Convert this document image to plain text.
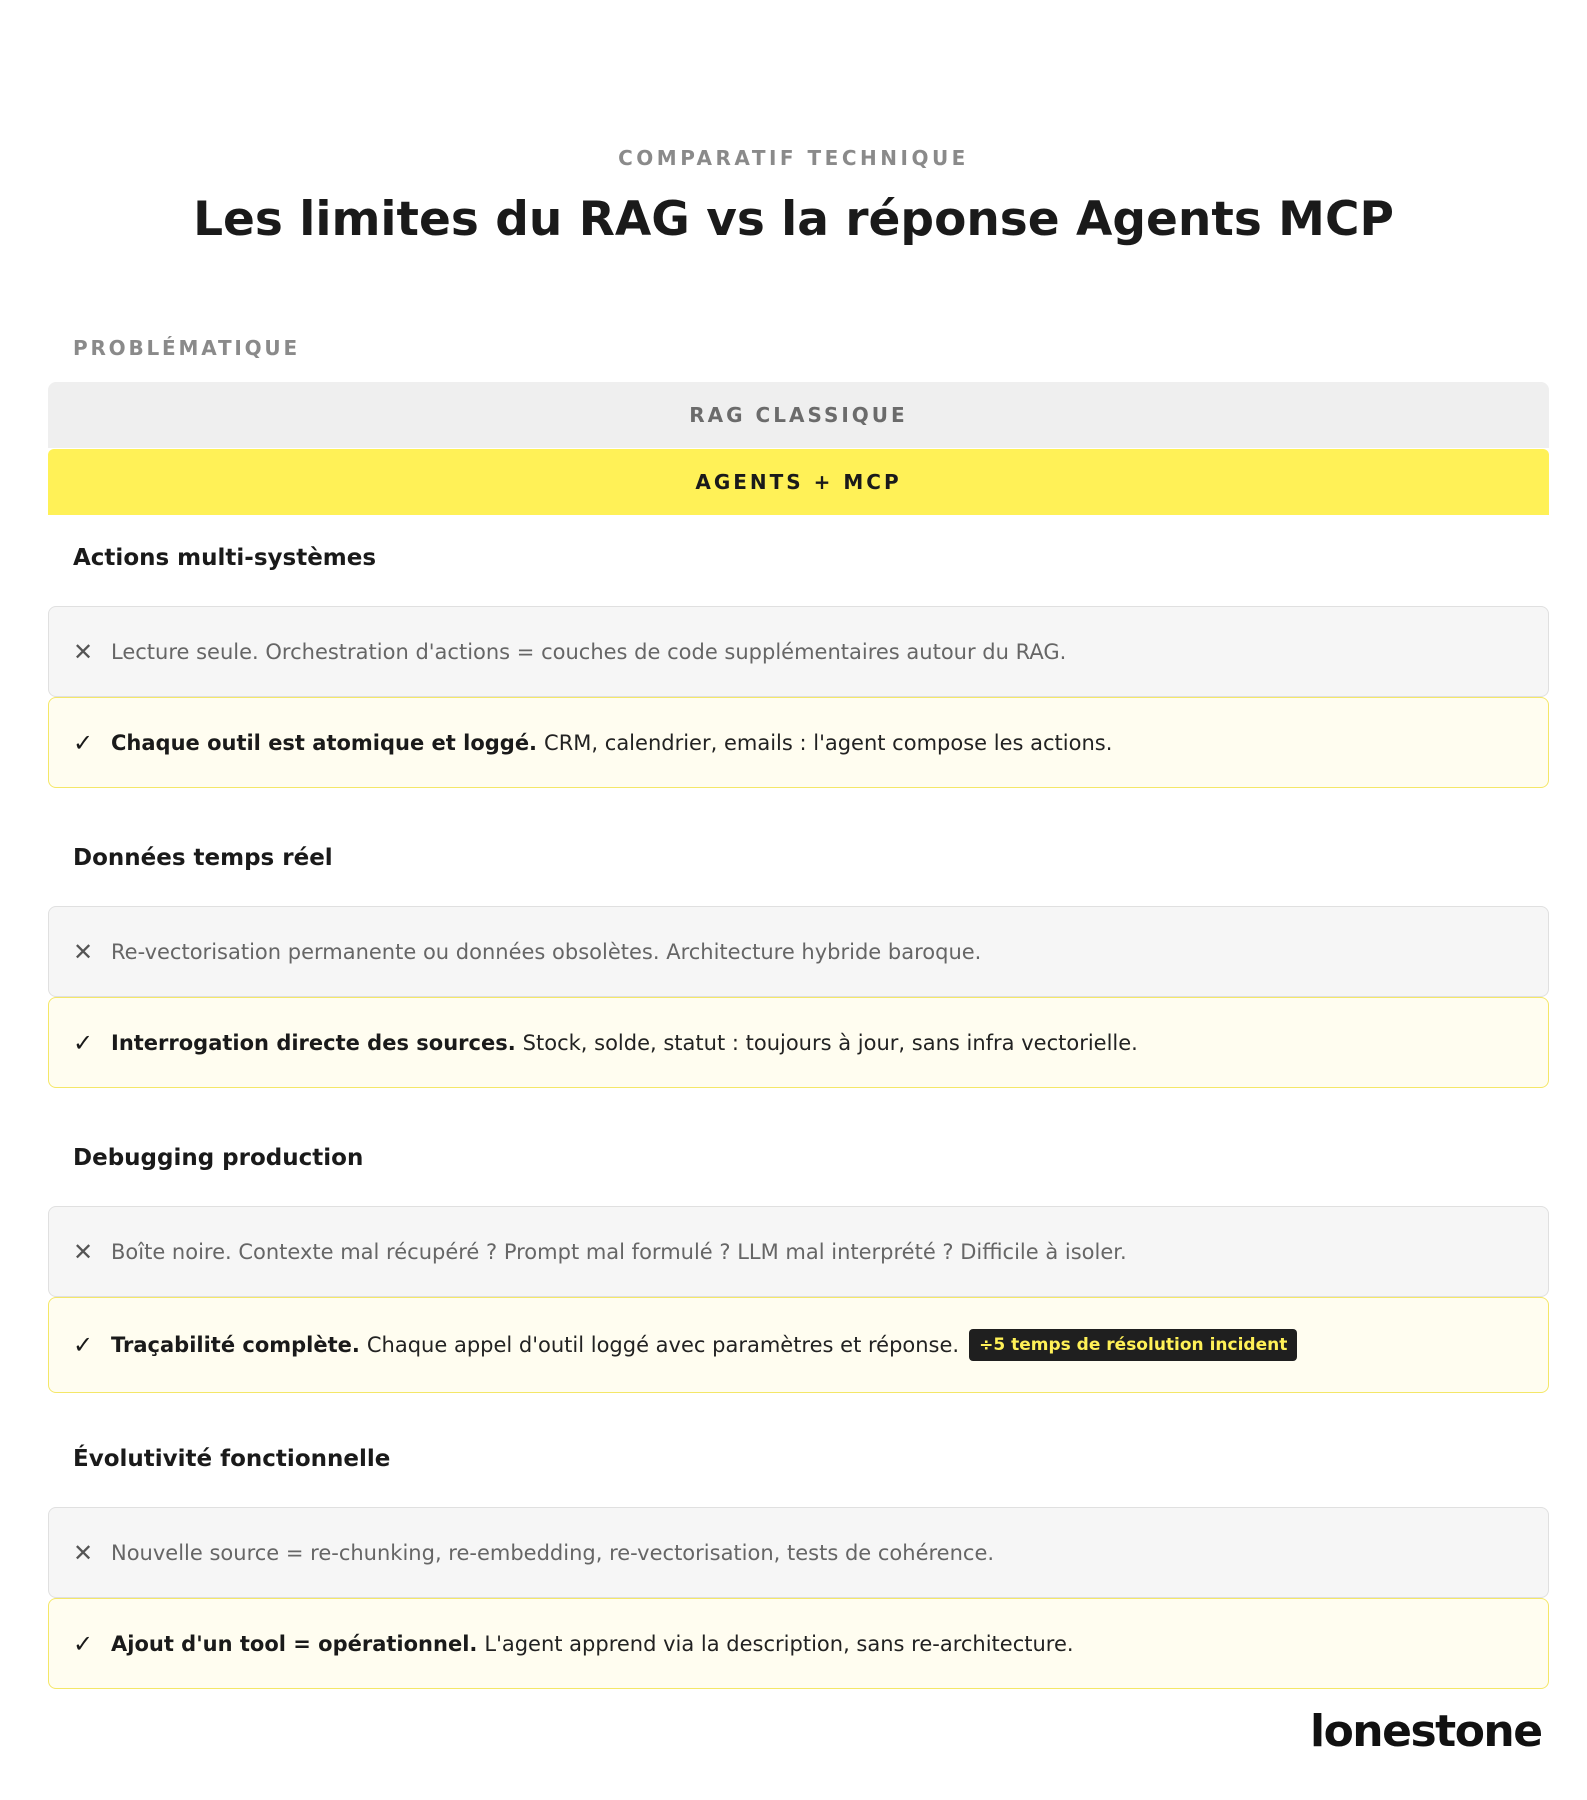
COMPARATIF TECHNIQUE
Les limites du RAG vs la réponse Agents MCP
PROBLÉMATIQUE
RAG CLASSIQUE
AGENTS + MCP
Actions multi-systèmes
✕ Lecture seule. Orchestration d'actions = couches de code supplémentaires autour du RAG.
✓ Chaque outil est atomique et loggé. CRM, calendrier, emails : l'agent compose les actions.
Données temps réel
✕ Re-vectorisation permanente ou données obsolètes. Architecture hybride baroque.
✓ Interrogation directe des sources. Stock, solde, statut : toujours à jour, sans infra vectorielle.
Debugging production
✕ Boîte noire. Contexte mal récupéré ? Prompt mal formulé ? LLM mal interprété ? Difficile à isoler.
✓ Traçabilité complète. Chaque appel d'outil loggé avec paramètres et réponse.	÷5 temps de résolution incident
Évolutivité fonctionnelle
✕ Nouvelle source = re-chunking, re-embedding, re-vectorisation, tests de cohérence.
✓ Ajout d'un tool = opérationnel. L'agent apprend via la description, sans re-architecture.
lonestone
